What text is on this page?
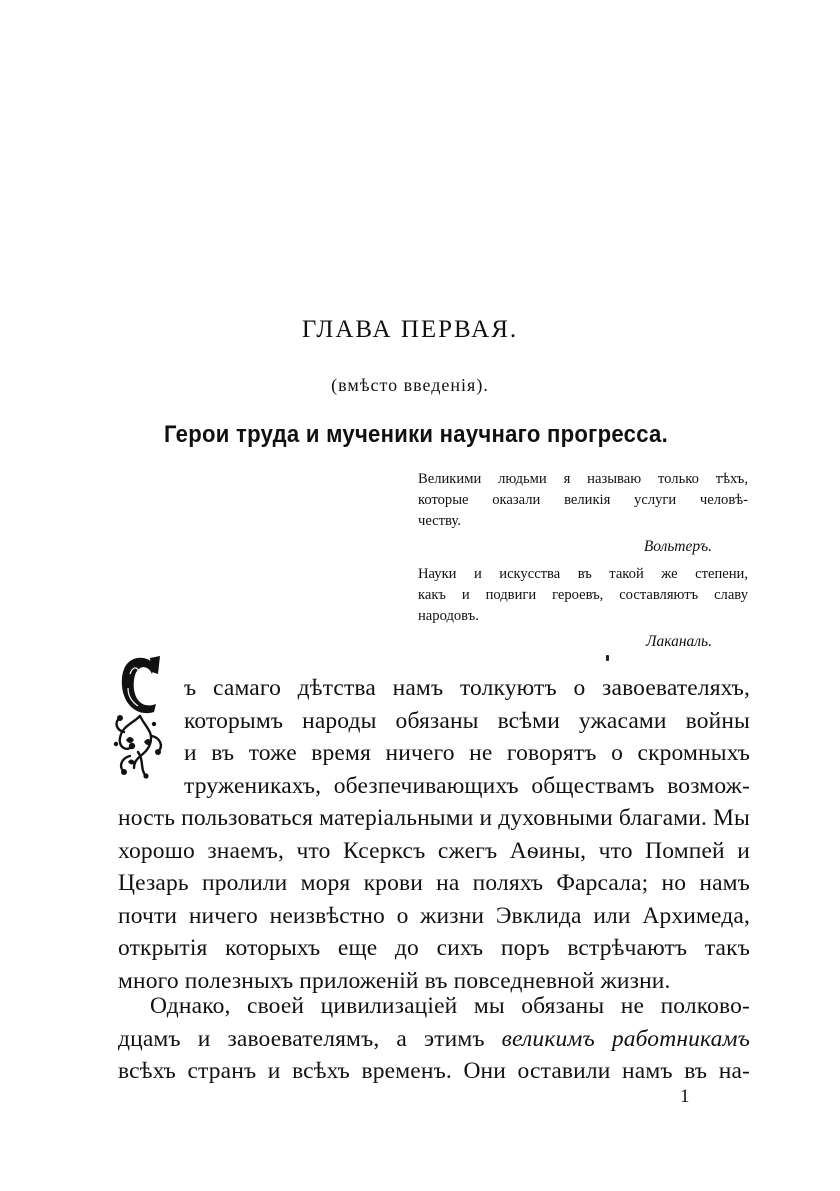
ГЛАВА ПЕРВАЯ.
(вмѣсто введенія).
Герои труда и мученики научнаго прогресса.
Великими людьми я называю только тѣхъ,
которые оказали великія услуги человѣ-
честву.
Вольтеръ.
Науки и искусства въ такой же степени,
какъ и подвиги героевъ, составляютъ славу
народовъ.
Лаканаль.
ъ самаго дѣтства намъ толкуютъ о завоевателяхъ,
которымъ народы обязаны всѣми ужасами войны
и въ тоже время ничего не говорятъ о скромныхъ
труженикахъ, обезпечивающихъ обществамъ возмож-
ность пользоваться матеріальными и духовными благами. Мы
хорошо знаемъ, что Ксерксъ сжегъ Аѳины, что Помпей и
Цезарь пролили моря крови на поляхъ Фарсала; но намъ
почти ничего неизвѣстно о жизни Эвклида или Архимеда,
открытія которыхъ еще до сихъ поръ встрѣчаютъ такъ
много полезныхъ приложеній въ повседневной жизни.
Однако, своей цивилизаціей мы обязаны не полково-
дцамъ и завоевателямъ, а этимъ великимъ работникамъ
всѣхъ странъ и всѣхъ временъ. Они оставили намъ въ на-
1
